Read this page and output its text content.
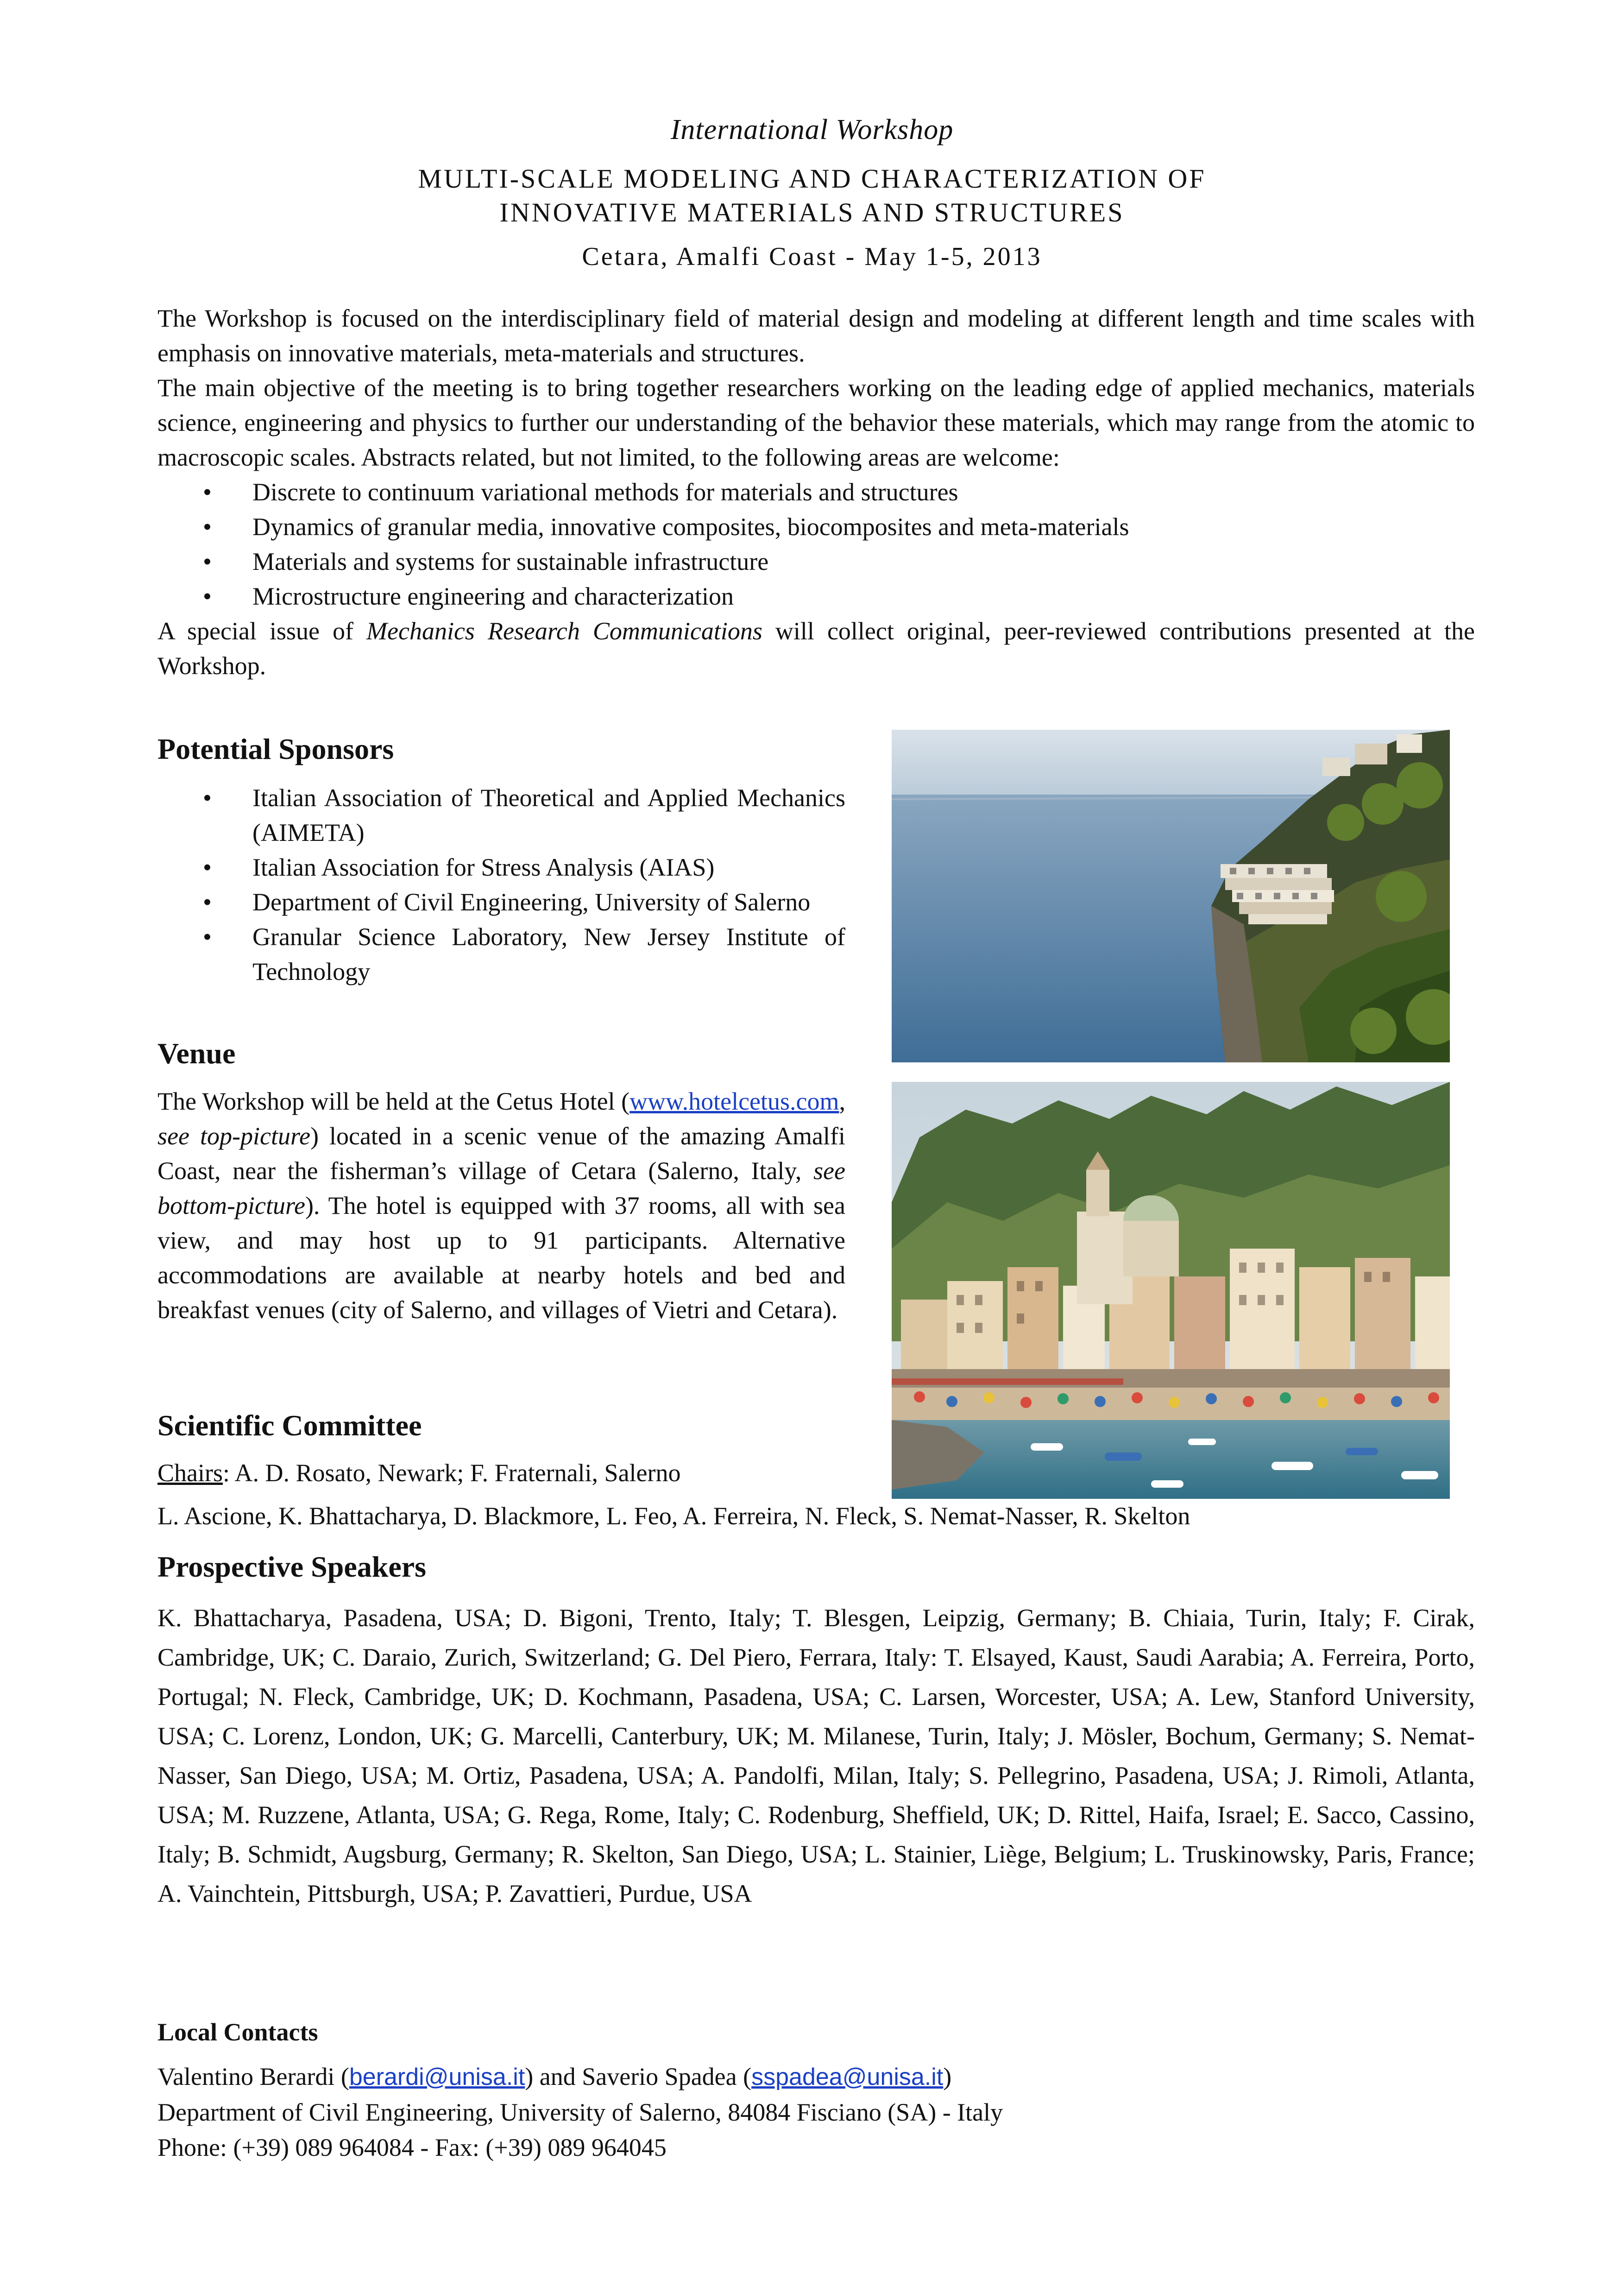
International Workshop
MULTI-SCALE MODELING AND CHARACTERIZATION OF
INNOVATIVE MATERIALS AND STRUCTURES
Cetara, Amalfi Coast - May 1-5, 2013
The Workshop is focused on the interdisciplinary field of material design and modeling at different length and time scales with emphasis on innovative materials, meta-materials and structures.
The main objective of the meeting is to bring together researchers working on the leading edge of applied mechanics, materials science, engineering and physics to further our understanding of the behavior these materials, which may range from the atomic to macroscopic scales. Abstracts related, but not limited, to the following areas are welcome:
• Discrete to continuum variational methods for materials and structures
• Dynamics of granular media, innovative composites, biocomposites and meta-materials
• Materials and systems for sustainable infrastructure
• Microstructure engineering and characterization
A special issue of Mechanics Research Communications will collect original, peer-reviewed contributions presented at the Workshop.
Potential Sponsors
• Italian Association of Theoretical and Applied Mechanics (AIMETA)
• Italian Association for Stress Analysis (AIAS)
• Department of Civil Engineering, University of Salerno
• Granular Science Laboratory, New Jersey Institute of Technology
Venue
The Workshop will be held at the Cetus Hotel (www.hotelcetus.com, see top-picture) located in a scenic venue of the amazing Amalfi Coast, near the fisherman’s village of Cetara (Salerno, Italy, see bottom-picture). The hotel is equipped with 37 rooms, all with sea view, and may host up to 91 participants. Alternative accommodations are available at nearby hotels and bed and breakfast venues (city of Salerno, and villages of Vietri and Cetara).
Scientific Committee
Chairs: A. D. Rosato, Newark; F. Fraternali, Salerno
L. Ascione, K. Bhattacharya, D. Blackmore, L. Feo, A. Ferreira, N. Fleck, S. Nemat-Nasser, R. Skelton
Prospective Speakers
K. Bhattacharya, Pasadena, USA; D. Bigoni, Trento, Italy; T. Blesgen, Leipzig, Germany; B. Chiaia, Turin, Italy; F. Cirak, Cambridge, UK; C. Daraio, Zurich, Switzerland; G. Del Piero, Ferrara, Italy: T. Elsayed, Kaust, Saudi Aarabia; A. Ferreira, Porto, Portugal; N. Fleck, Cambridge, UK; D. Kochmann, Pasadena, USA; C. Larsen, Worcester, USA; A. Lew, Stanford University, USA; C. Lorenz, London, UK; G. Marcelli, Canterbury, UK; M. Milanese, Turin, Italy; J. Mösler, Bochum, Germany; S. Nemat-Nasser, San Diego, USA; M. Ortiz, Pasadena, USA; A. Pandolfi, Milan, Italy; S. Pellegrino, Pasadena, USA; J. Rimoli, Atlanta, USA; M. Ruzzene, Atlanta, USA; G. Rega, Rome, Italy; C. Rodenburg, Sheffield, UK; D. Rittel, Haifa, Israel; E. Sacco, Cassino, Italy; B. Schmidt, Augsburg, Germany; R. Skelton, San Diego, USA; L. Stainier, Liège, Belgium; L. Truskinowsky, Paris, France; A. Vainchtein, Pittsburgh, USA; P. Zavattieri, Purdue, USA
Local Contacts
Valentino Berardi (berardi@unisa.it) and Saverio Spadea (sspadea@unisa.it)
Department of Civil Engineering, University of Salerno, 84084 Fisciano (SA) - Italy
Phone: (+39) 089 964084 - Fax: (+39) 089 964045
